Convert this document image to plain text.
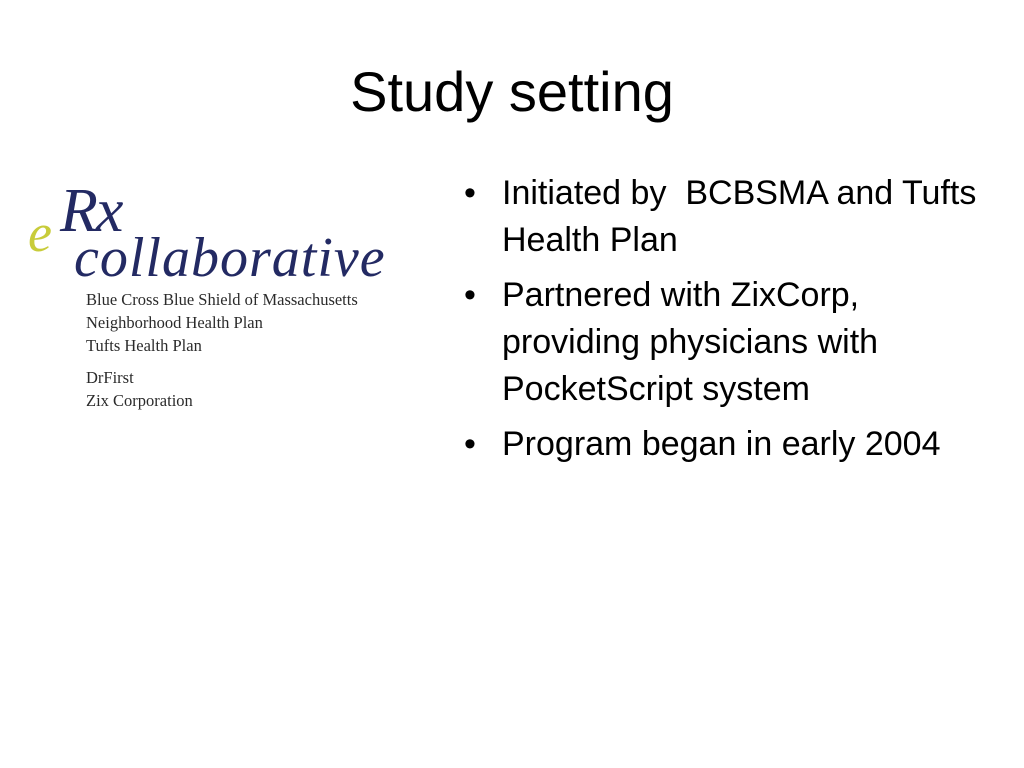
Study setting
e Rx
collaborative
Blue Cross Blue Shield of Massachusetts
Neighborhood Health Plan
Tufts Health Plan
DrFirst
Zix Corporation
• Initiated by  BCBSMA and Tufts Health Plan
• Partnered with ZixCorp, providing physicians with PocketScript system
• Program began in early 2004
